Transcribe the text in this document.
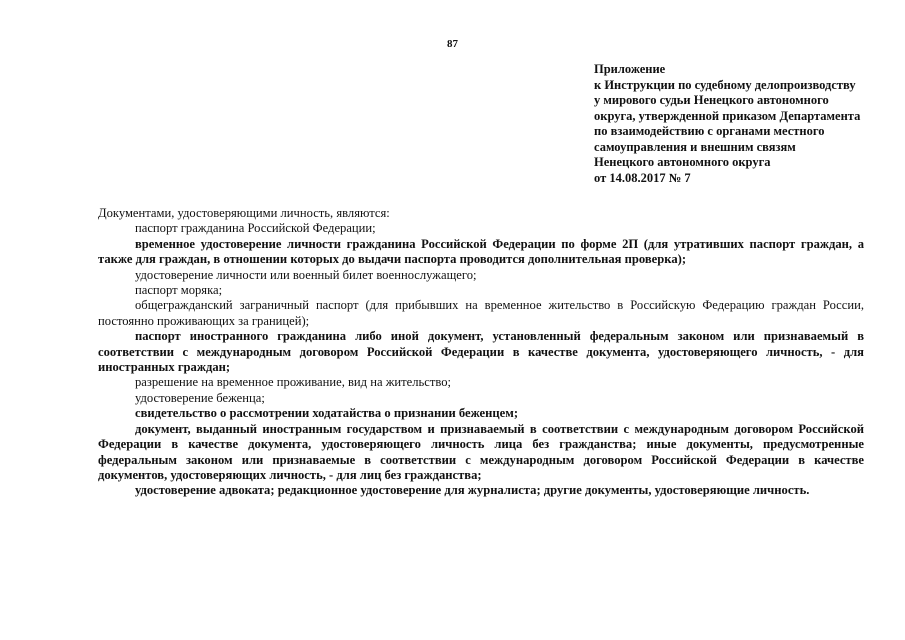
87
Приложение
к Инструкции по судебному делопроизводству
у мирового судьи Ненецкого автономного
округа, утвержденной приказом Департамента
по взаимодействию с органами местного
самоуправления и внешним связям
Ненецкого автономного округа
от 14.08.2017 № 7

Документами, удостоверяющими личность, являются:

паспорт гражданина Российской Федерации;

временное удостоверение личности гражданина Российской Федерации по форме 2П (для утративших паспорт граждан, а также для граждан, в отношении которых до выдачи паспорта проводится дополнительная проверка);

удостоверение личности или военный билет военнослужащего;

паспорт моряка;

общегражданский заграничный паспорт (для прибывших на временное жительство в Российскую Федерацию граждан России, постоянно проживающих за границей);

паспорт иностранного гражданина либо иной документ, установленный федеральным законом или признаваемый в соответствии с международным договором Российской Федерации в качестве документа, удостоверяющего личность, - для иностранных граждан;

разрешение на временное проживание, вид на жительство;

удостоверение беженца;

свидетельство о рассмотрении ходатайства о признании беженцем;

документ, выданный иностранным государством и признаваемый в соответствии с международным договором Российской Федерации в качестве документа, удостоверяющего личность лица без гражданства; иные документы, предусмотренные федеральным законом или признаваемые в соответствии с международным договором Российской Федерации в качестве документов, удостоверяющих личность, - для лиц без гражданства;

удостоверение адвоката; редакционное удостоверение для журналиста; другие документы, удостоверяющие личность.
